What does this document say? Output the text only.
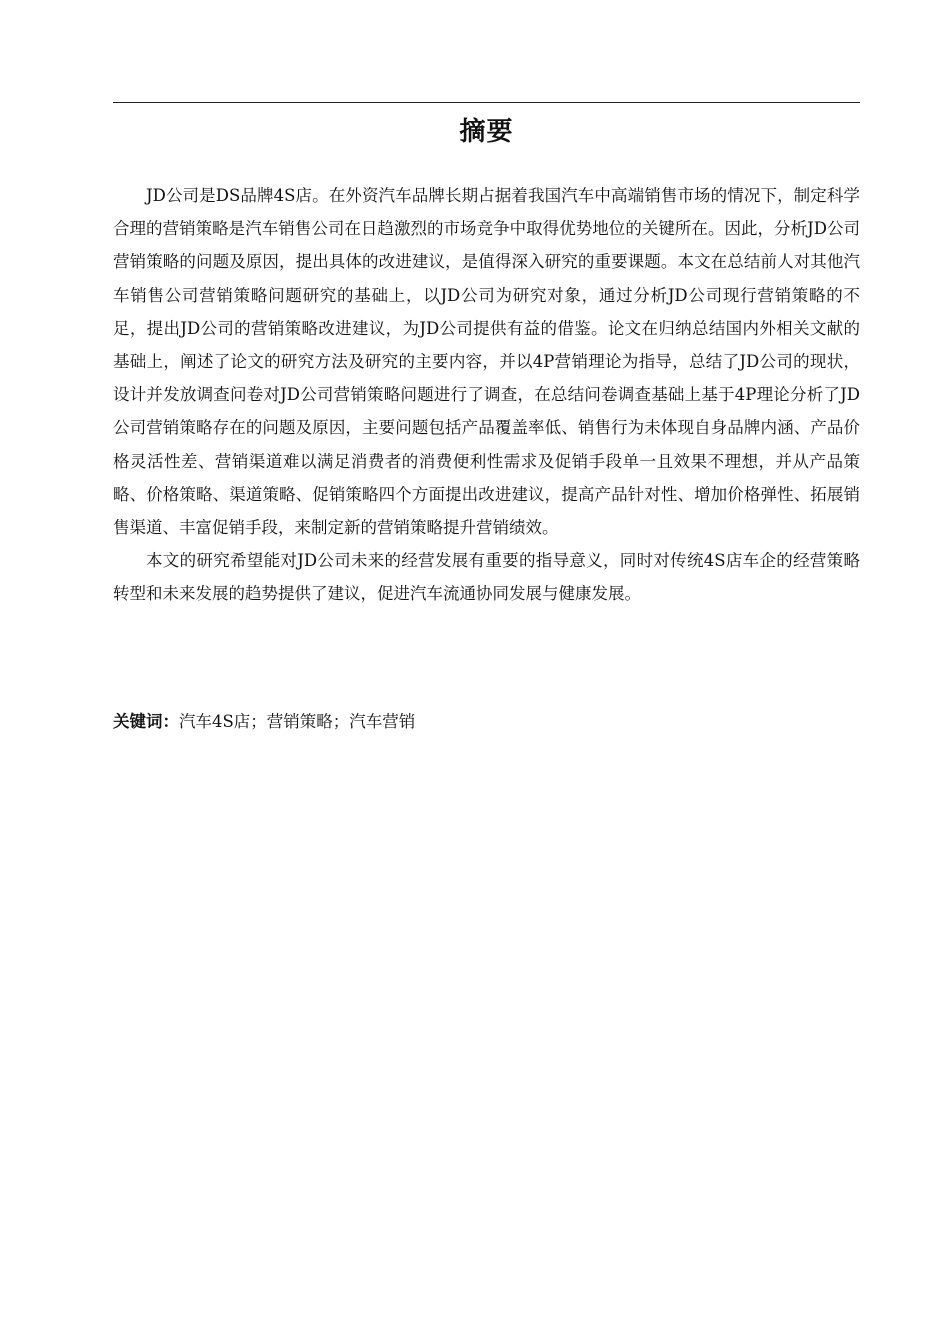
摘要

JD公司是DS品牌4S店。在外资汽车品牌长期占据着我国汽车中高端销售市场的情况下，制定科学合理的营销策略是汽车销售公司在日趋激烈的市场竞争中取得优势地位的关键所在。因此，分析JD公司营销策略的问题及原因，提出具体的改进建议，是值得深入研究的重要课题。本文在总结前人对其他汽车销售公司营销策略问题研究的基础上，以JD公司为研究对象，通过分析JD公司现行营销策略的不足，提出JD公司的营销策略改进建议，为JD公司提供有益的借鉴。论文在归纳总结国内外相关文献的基础上，阐述了论文的研究方法及研究的主要内容，并以4P营销理论为指导，总结了JD公司的现状，设计并发放调查问卷对JD公司营销策略问题进行了调查，在总结问卷调查基础上基于4P理论分析了JD公司营销策略存在的问题及原因，主要问题包括产品覆盖率低、销售行为未体现自身品牌内涵、产品价格灵活性差、营销渠道难以满足消费者的消费便利性需求及促销手段单一且效果不理想，并从产品策略、价格策略、渠道策略、促销策略四个方面提出改进建议，提高产品针对性、增加价格弹性、拓展销售渠道、丰富促销手段，来制定新的营销策略提升营销绩效。

本文的研究希望能对JD公司未来的经营发展有重要的指导意义，同时对传统4S店车企的经营策略转型和未来发展的趋势提供了建议，促进汽车流通协同发展与健康发展。

关键词：汽车4S店；营销策略；汽车营销
